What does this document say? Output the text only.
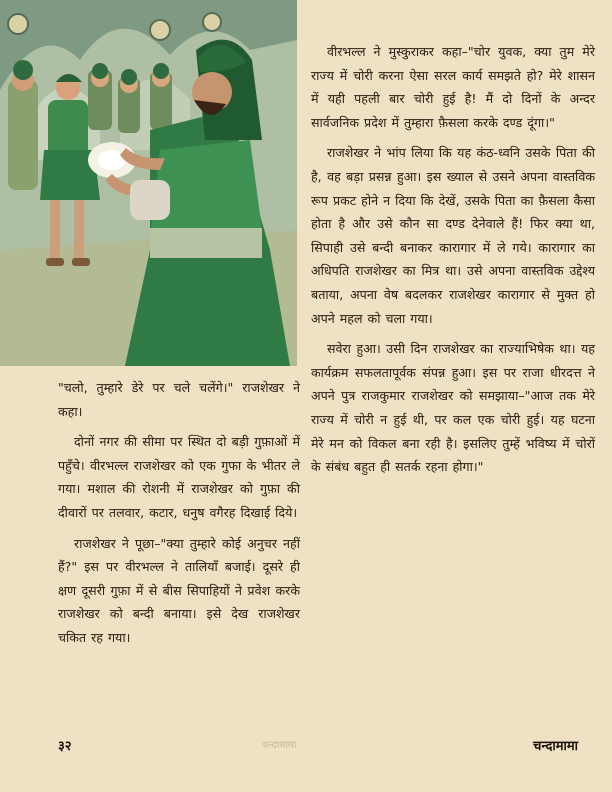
वीरभल्ल ने मुस्कुराकर कहा–"चोर युवक, क्या तुम मेरे राज्य में चोरी करना ऐसा सरल कार्य समझते हो? मेरे शासन में यही पहली बार चोरी हुई है! मैं दो दिनों के अन्दर सार्वजनिक प्रदेश में तुम्हारा फ़ैसला करके दण्ड दूंगा।"

राजशेखर ने भांप लिया कि यह कंठ-ध्वनि उसके पिता की है, वह बड़ा प्रसन्न हुआ। इस ख्याल से उसने अपना वास्तविक रूप प्रकट होने न दिया कि देखें, उसके पिता का फ़ैसला कैसा होता है और उसे कौन सा दण्ड देनेवाले हैं! फिर क्या था, सिपाही उसे बन्दी बनाकर कारागार में ले गये। कारागार का अधिपति राजशेखर का मित्र था। उसे अपना वास्तविक उद्देश्य बताया, अपना वेष बदलकर राजशेखर कारागार से मुक्त हो अपने महल को चला गया।

सवेरा हुआ। उसी दिन राजशेखर का राज्याभिषेक था। यह कार्यक्रम सफलतापूर्वक संपन्न हुआ। इस पर राजा धीरदत्त ने अपने पुत्र राजकुमार राजशेखर को समझाया–"आज तक मेरे राज्य में चोरी न हुई थी, पर कल एक चोरी हुई। यह घटना मेरे मन को विकल बना रही है। इसलिए तुम्हें भविष्य में चोरों के संबंध बहुत ही सतर्क रहना होगा।"

"चलो, तुम्हारे डेरे पर चले चलेंगे।" राजशेखर ने कहा।

दोनों नगर की सीमा पर स्थित दो बड़ी गुफ़ाओं में पहुँचे। वीरभल्ल राजशेखर को एक गुफा के भीतर ले गया। मशाल की रोशनी में राजशेखर को गुफ़ा की दीवारों पर तलवार, कटार, धनुष वगैरह दिखाई दिये।

राजशेखर ने पूछा–"क्या तुम्हारे कोई अनुचर नहीं हैं?" इस पर वीरभल्ल ने तालियाँ बजाई। दूसरे ही क्षण दूसरी गुफ़ा में से बीस सिपाहियों ने प्रवेश करके राजशेखर को बन्दी बनाया। इसे देख राजशेखर चकित रह गया।

३२	चन्दामामा	चन्दामामा
